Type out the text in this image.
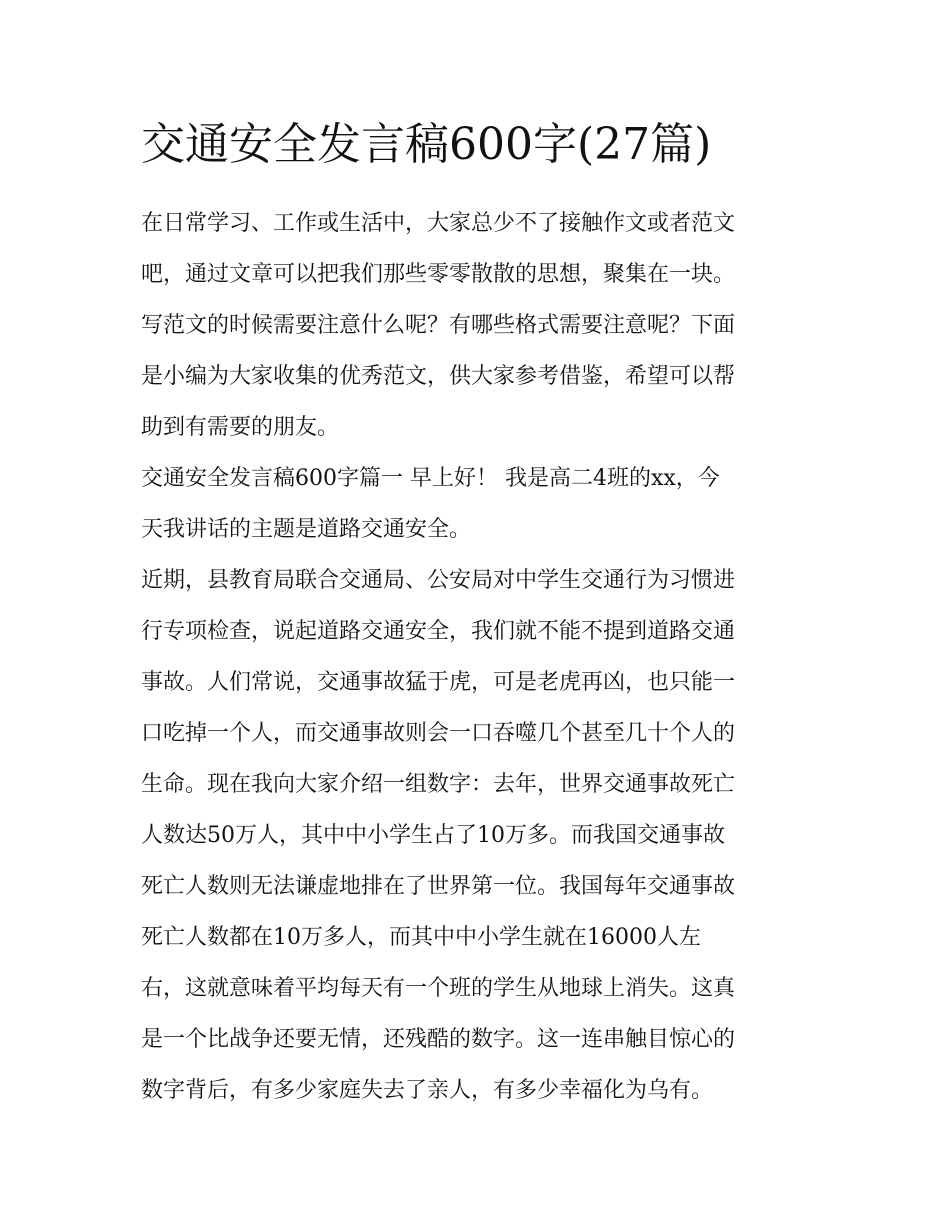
交通安全发言稿600字(27篇)

在日常学习、工作或生活中，大家总少不了接触作文或者范文
吧，通过文章可以把我们那些零零散散的思想，聚集在一块。
写范文的时候需要注意什么呢？有哪些格式需要注意呢？下面
是小编为大家收集的优秀范文，供大家参考借鉴，希望可以帮
助到有需要的朋友。

交通安全发言稿600字篇一 早上好！ 我是高二4班的xx，今
天我讲话的主题是道路交通安全。

近期，县教育局联合交通局、公安局对中学生交通行为习惯进
行专项检查，说起道路交通安全，我们就不能不提到道路交通
事故。人们常说，交通事故猛于虎，可是老虎再凶，也只能一
口吃掉一个人，而交通事故则会一口吞噬几个甚至几十个人的
生命。现在我向大家介绍一组数字：去年，世界交通事故死亡
人数达50万人，其中中小学生占了10万多。而我国交通事故
死亡人数则无法谦虚地排在了世界第一位。我国每年交通事故
死亡人数都在10万多人，而其中中小学生就在16000人左
右，这就意味着平均每天有一个班的学生从地球上消失。这真
是一个比战争还要无情，还残酷的数字。这一连串触目惊心的
数字背后，有多少家庭失去了亲人，有多少幸福化为乌有。
